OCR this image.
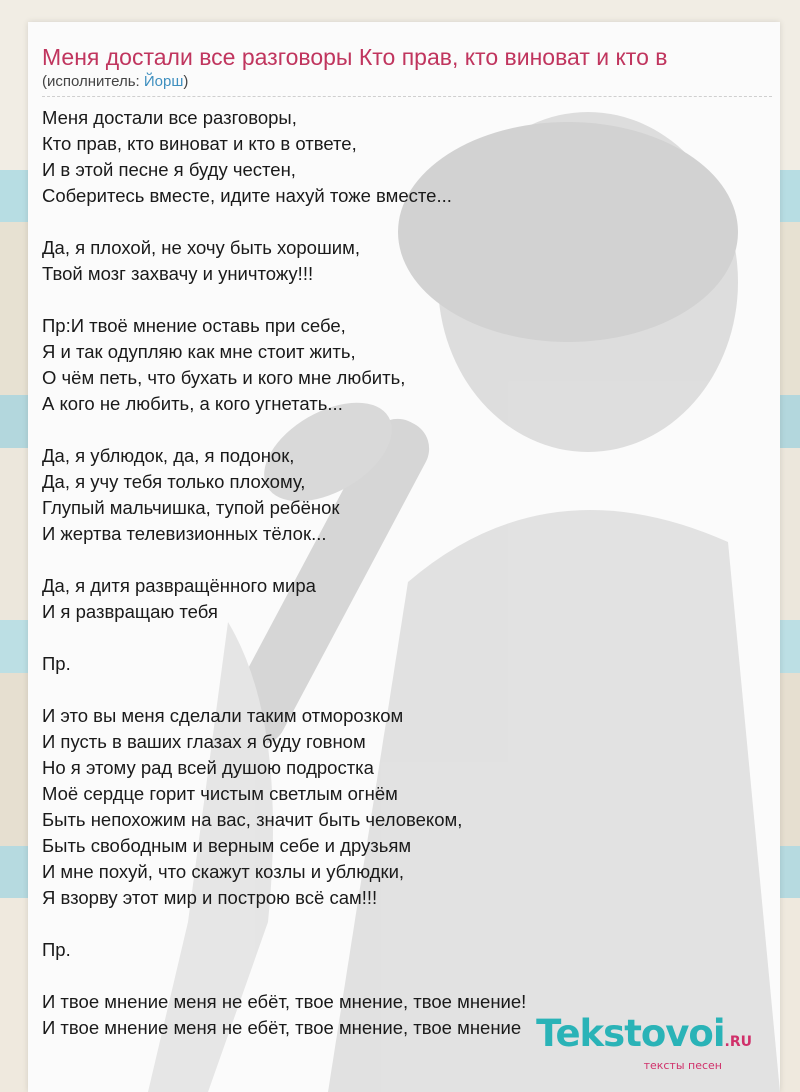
Меня достали все разговоры Кто прав, кто виноват и кто в
(исполнитель: Йорш)
Меня достали все разговоры,
Кто прав, кто виноват и кто в ответе,
И в этой песне я буду честен,
Соберитесь вместе, идите нахуй тоже вместе...
Да, я плохой, не хочу быть хорошим,
Твой мозг захвачу и уничтожу!!!
Пр:И твоё мнение оставь при себе,
Я и так одупляю как мне стоит жить,
О чём петь, что бухать и кого мне любить,
А кого не любить, а кого угнетать...
Да, я ублюдок, да, я подонок,
Да, я учу тебя только плохому,
Глупый мальчишка, тупой ребёнок
И жертва телевизионных тёлок...
Да, я дитя развращённого мира
И я развращаю тебя
Пр.
И это вы меня сделали таким отморозком
И пусть в ваших глазах я буду говном
Но я этому рад всей душою подростка
Моё сердце горит чистым светлым огнём
Быть непохожим на вас, значит быть человеком,
Быть свободным и верным себе и друзьям
И мне похуй, что скажут козлы и ублюдки,
Я взорву этот мир и построю всё сам!!!
Пр.
И твое мнение меня не ебёт, твое мнение, твое мнение!
И твое мнение меня не ебёт, твое мнение, твое мнение Tekstovoi.RU
тексты песен
